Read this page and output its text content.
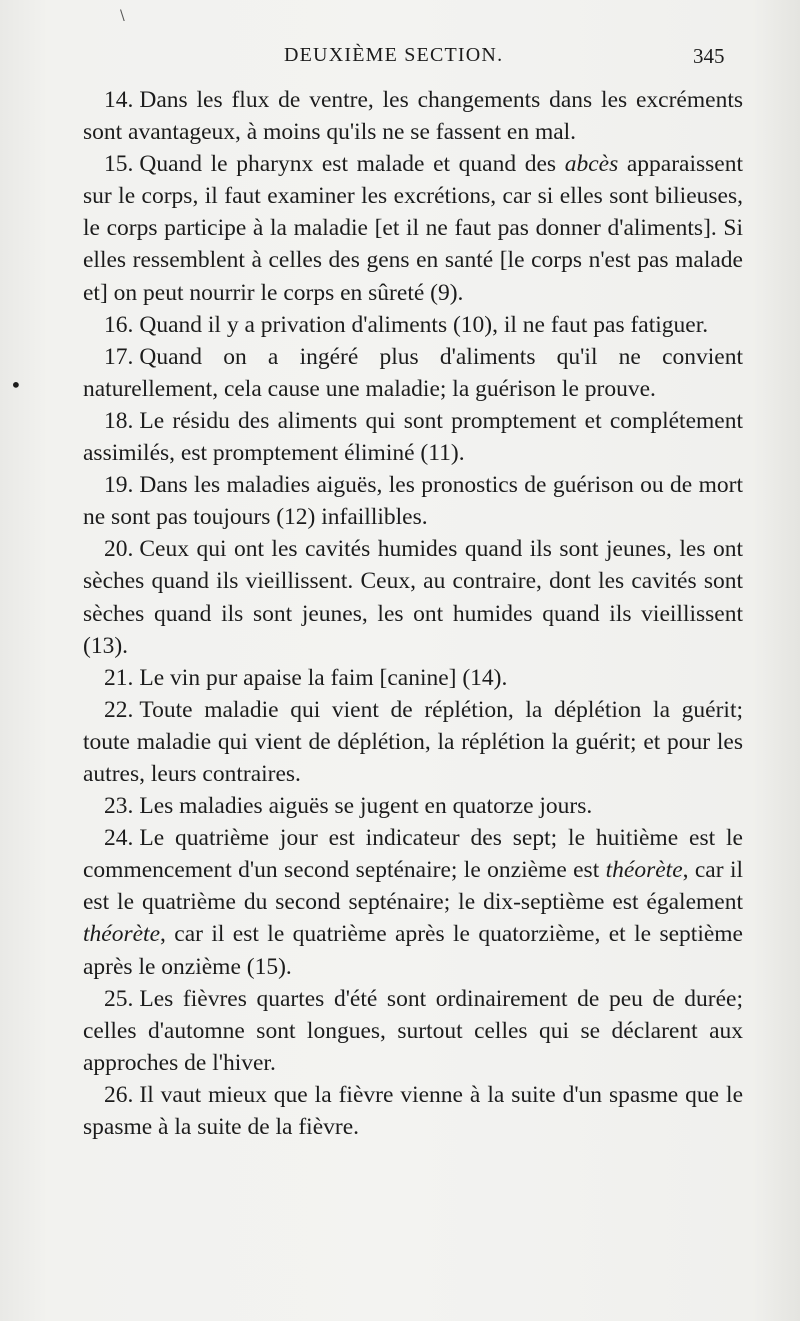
\
DEUXIÈME SECTION.	345
•

14. Dans les flux de ventre, les changements dans les excréments sont avantageux, à moins qu'ils ne se fassent en mal.

15. Quand le pharynx est malade et quand des abcès apparaissent sur le corps, il faut examiner les excrétions, car si elles sont bilieuses, le corps participe à la maladie [et il ne faut pas donner d'aliments]. Si elles ressemblent à celles des gens en santé [le corps n'est pas malade et] on peut nourrir le corps en sûreté (9).

16. Quand il y a privation d'aliments (10), il ne faut pas fatiguer.

17. Quand on a ingéré plus d'aliments qu'il ne convient naturellement, cela cause une maladie; la guérison le prouve.

18. Le résidu des aliments qui sont promptement et complétement assimilés, est promptement éliminé (11).

19. Dans les maladies aiguës, les pronostics de guérison ou de mort ne sont pas toujours (12) infaillibles.

20. Ceux qui ont les cavités humides quand ils sont jeunes, les ont sèches quand ils vieillissent. Ceux, au contraire, dont les cavités sont sèches quand ils sont jeunes, les ont humides quand ils vieillissent (13).

21. Le vin pur apaise la faim [canine] (14).

22. Toute maladie qui vient de réplétion, la déplétion la guérit; toute maladie qui vient de déplétion, la réplétion la guérit; et pour les autres, leurs contraires.

23. Les maladies aiguës se jugent en quatorze jours.

24. Le quatrième jour est indicateur des sept; le huitième est le commencement d'un second septénaire; le onzième est théorète, car il est le quatrième du second septénaire; le dix-septième est également théorète, car il est le quatrième après le quatorzième, et le septième après le onzième (15).

25. Les fièvres quartes d'été sont ordinairement de peu de durée; celles d'automne sont longues, surtout celles qui se déclarent aux approches de l'hiver.

26. Il vaut mieux que la fièvre vienne à la suite d'un spasme que le spasme à la suite de la fièvre.
